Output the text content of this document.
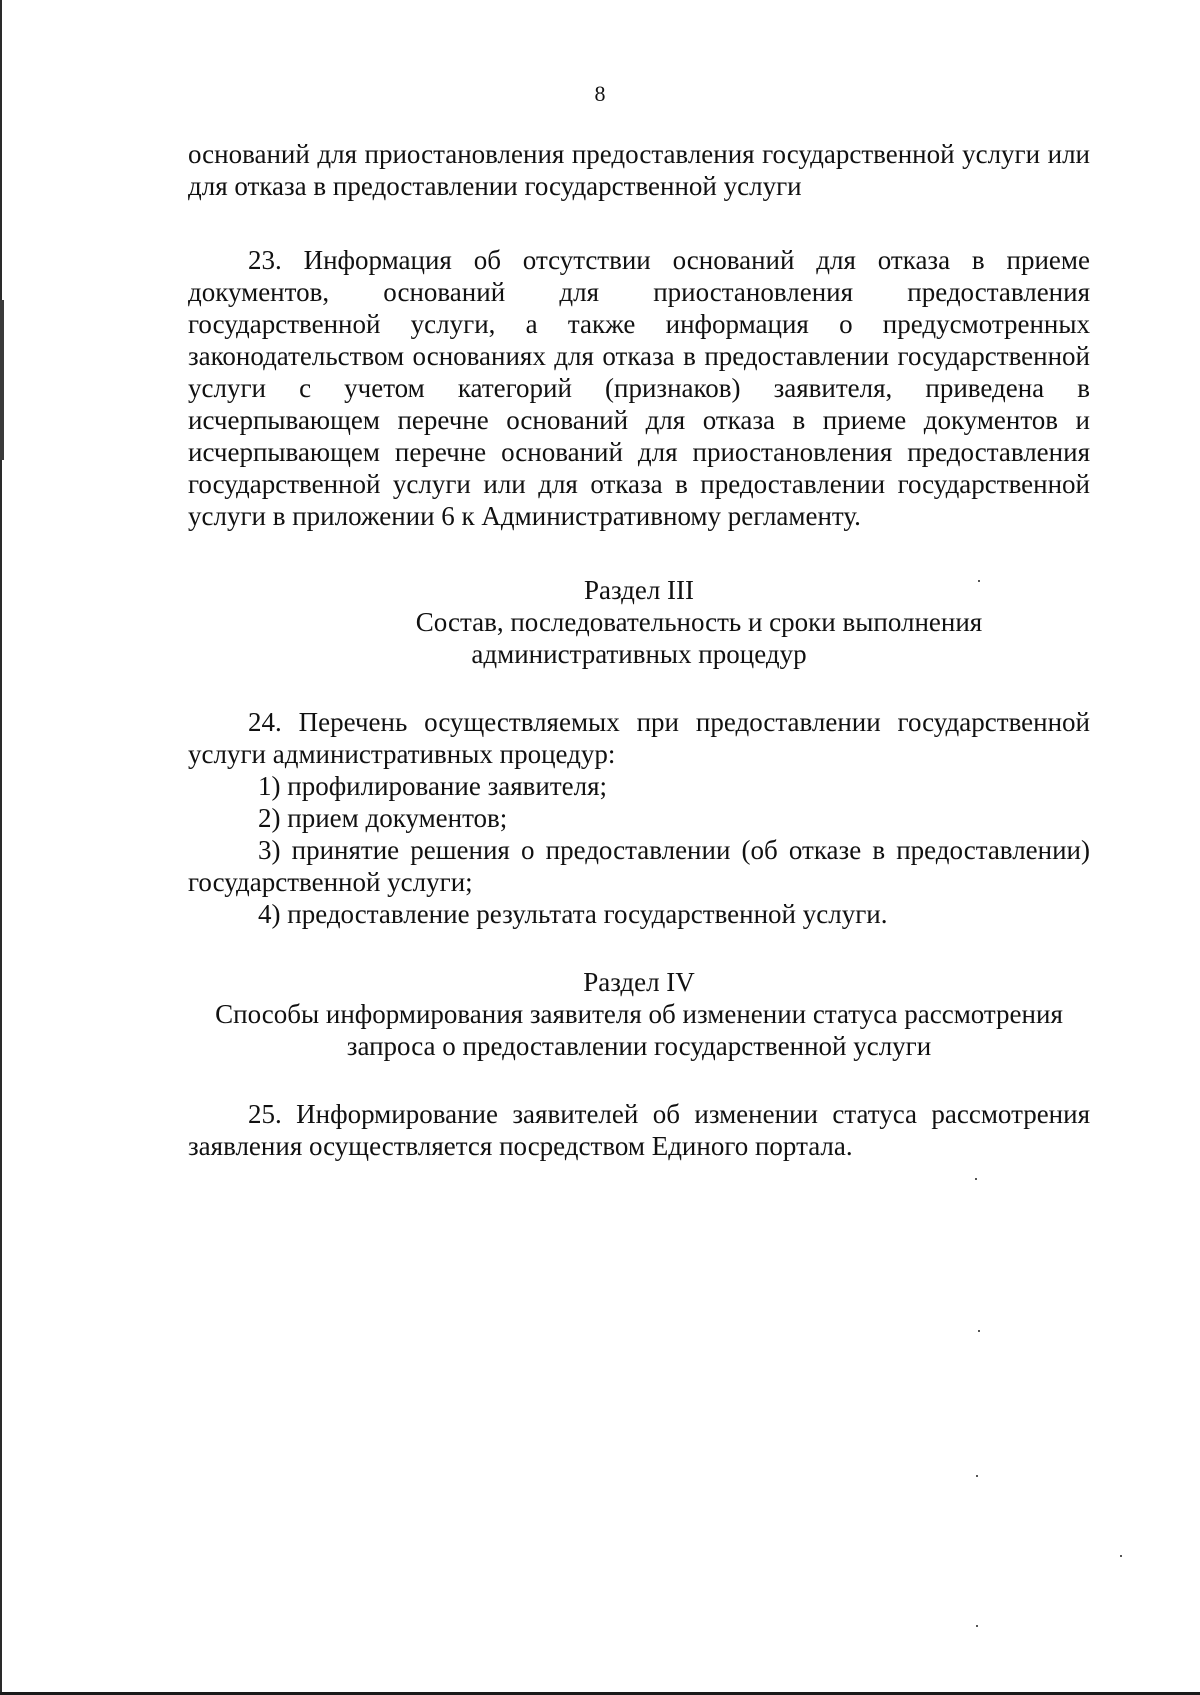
8

оснований для приостановления предоставления государственной услуги или для отказа в предоставлении государственной услуги

23. Информация об отсутствии оснований для отказа в приеме документов, оснований для приостановления предоставления государственной услуги, а также информация о предусмотренных законодательством основаниях для отказа в предоставлении государственной услуги с учетом категорий (признаков) заявителя, приведена в исчерпывающем перечне оснований для отказа в приеме документов и исчерпывающем перечне оснований для приостановления предоставления государственной услуги или для отказа в предоставлении государственной услуги в приложении 6 к Административному регламенту.

Раздел III

Состав, последовательность и сроки выполнения

административных процедур

24. Перечень осуществляемых при предоставлении государственной услуги административных процедур:

1) профилирование заявителя;

2) прием документов;

3) принятие решения о предоставлении (об отказе в предоставлении) государственной услуги;

4) предоставление результата государственной услуги.

Раздел IV

Способы информирования заявителя об изменении статуса рассмотрения

запроса о предоставлении государственной услуги

25. Информирование заявителей об изменении статуса рассмотрения заявления осуществляется посредством Единого портала.
